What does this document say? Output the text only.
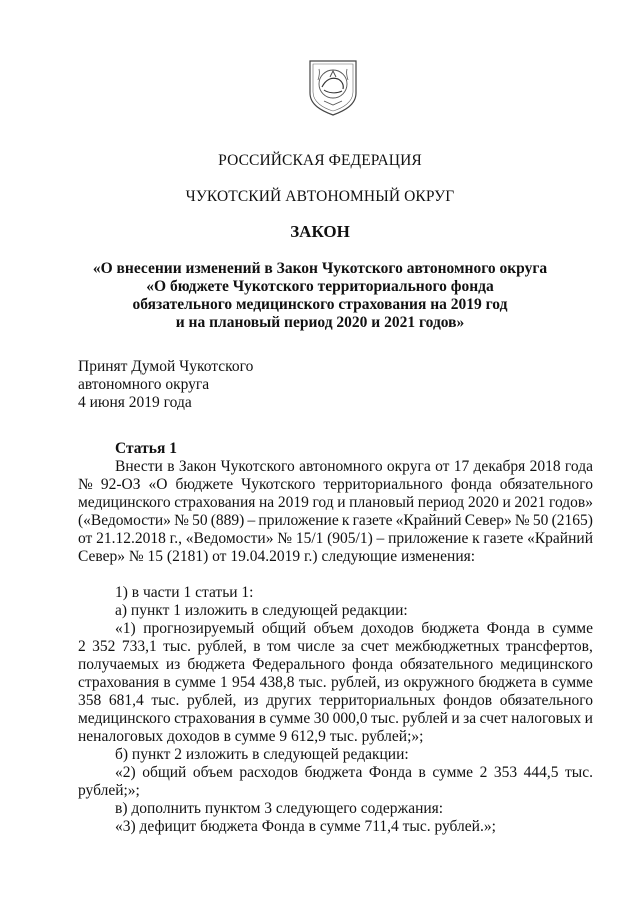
РОССИЙСКАЯ ФЕДЕРАЦИЯ
ЧУКОТСКИЙ АВТОНОМНЫЙ ОКРУГ
ЗАКОН
«О внесении изменений в Закон Чукотского автономного округа
«О бюджете Чукотского территориального фонда
обязательного медицинского страхования на 2019 год
и на плановый период 2020 и 2021 годов»
Принят Думой Чукотского
автономного округа
4 июня 2019 года
Статья 1
Внести в Закон Чукотского автономного округа от 17 декабря 2018 года
№ 92-ОЗ «О бюджете Чукотского территориального фонда обязательного
медицинского страхования на 2019 год и плановый период 2020 и 2021 годов»
(«Ведомости» № 50 (889) – приложение к газете «Крайний Север» № 50 (2165)
от 21.12.2018 г., «Ведомости» № 15/1 (905/1) – приложение к газете «Крайний
Север» № 15 (2181) от 19.04.2019 г.) следующие изменения:
1) в части 1 статьи 1:
а) пункт 1 изложить в следующей редакции:
«1) прогнозируемый общий объем доходов бюджета Фонда в сумме
2 352 733,1 тыс. рублей, в том числе за счет межбюджетных трансфертов,
получаемых из бюджета Федерального фонда обязательного медицинского
страхования в сумме 1 954 438,8 тыс. рублей, из окружного бюджета в сумме
358 681,4 тыс. рублей, из других территориальных фондов обязательного
медицинского страхования в сумме 30 000,0 тыс. рублей и за счет налоговых и
неналоговых доходов в сумме 9 612,9 тыс. рублей;»;
б) пункт 2 изложить в следующей редакции:
«2) общий объем расходов бюджета Фонда в сумме 2 353 444,5 тыс.
рублей;»;
в) дополнить пунктом 3 следующего содержания:
«3) дефицит бюджета Фонда в сумме 711,4 тыс. рублей.»;
